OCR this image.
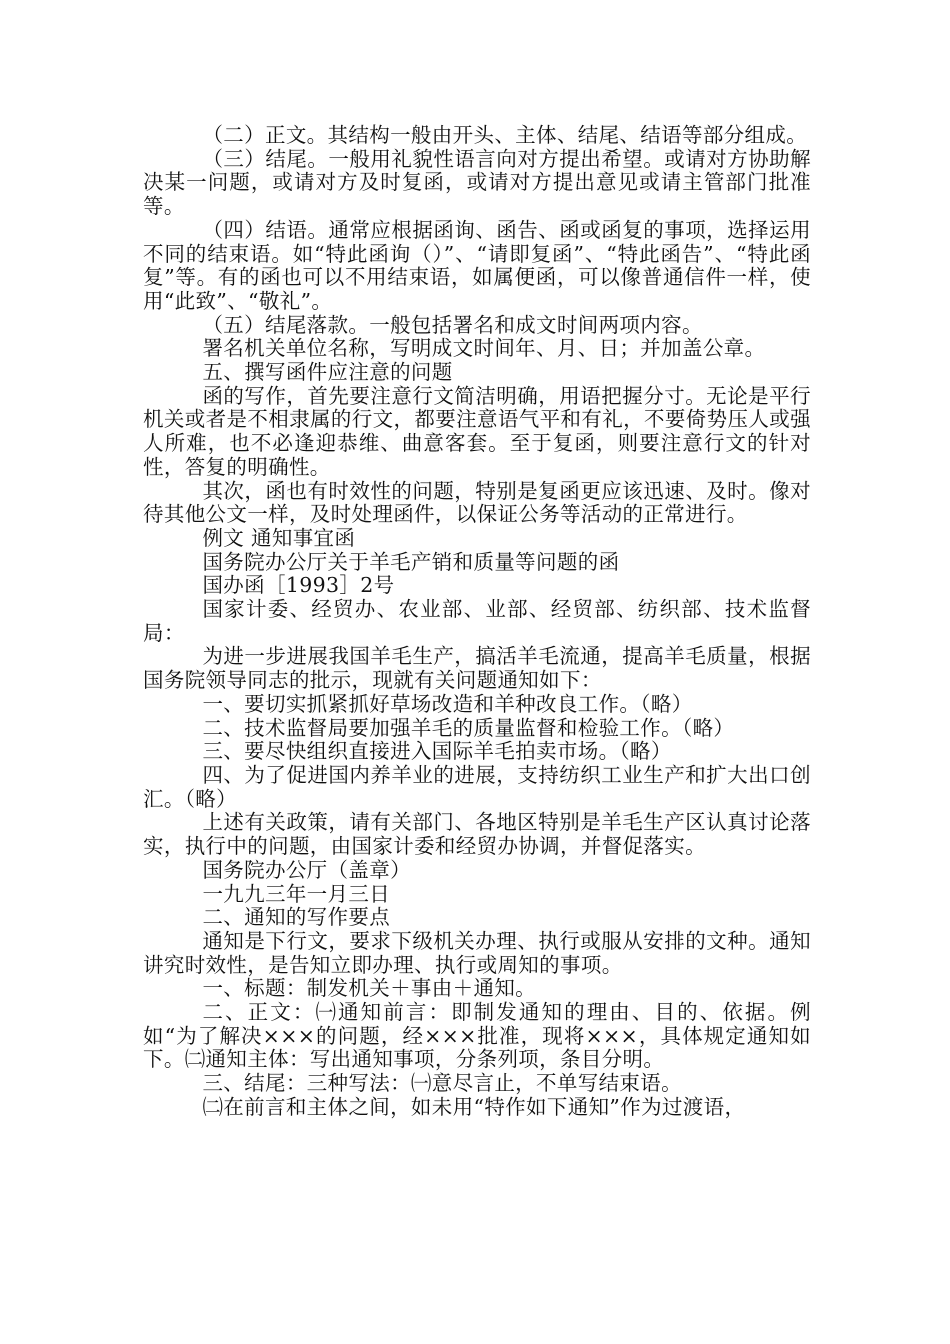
（二）正文。其结构一般由开头、主体、结尾、结语等部分组成。

（三）结尾。一般用礼貌性语言向对方提出希望。或请对方协助解决某一问题，或请对方及时复函，或请对方提出意见或请主管部门批准等。

（四）结语。通常应根据函询、函告、函或函复的事项，选择运用不同的结束语。如“特此函询（）”、“请即复函”、“特此函告”、“特此函复”等。有的函也可以不用结束语，如属便函，可以像普通信件一样，使用“此致”、“敬礼”。

（五）结尾落款。一般包括署名和成文时间两项内容。

署名机关单位名称，写明成文时间年、月、日；并加盖公章。

五、撰写函件应注意的问题

函的写作，首先要注意行文简洁明确，用语把握分寸。无论是平行机关或者是不相隶属的行文，都要注意语气平和有礼，不要倚势压人或强人所难，也不必逢迎恭维、曲意客套。至于复函，则要注意行文的针对性，答复的明确性。

其次，函也有时效性的问题，特别是复函更应该迅速、及时。像对待其他公文一样，及时处理函件，以保证公务等活动的正常进行。

例文 通知事宜函

国务院办公厅关于羊毛产销和质量等问题的函

国办函［1993］2号

国家计委、经贸办、农业部、业部、经贸部、纺织部、技术监督局：

为进一步进展我国羊毛生产，搞活羊毛流通，提高羊毛质量，根据国务院领导同志的批示，现就有关问题通知如下：

一、要切实抓紧抓好草场改造和羊种改良工作。（略）

二、技术监督局要加强羊毛的质量监督和检验工作。（略）

三、要尽快组织直接进入国际羊毛拍卖市场。（略）

四、为了促进国内养羊业的进展，支持纺织工业生产和扩大出口创汇。（略）

上述有关政策，请有关部门、各地区特别是羊毛生产区认真讨论落实，执行中的问题，由国家计委和经贸办协调，并督促落实。

国务院办公厅（盖章）

一九九三年一月三日

二、通知的写作要点

通知是下行文，要求下级机关办理、执行或服从安排的文种。通知讲究时效性，是告知立即办理、执行或周知的事项。

一、标题：制发机关＋事由＋通知。

二、正文：㈠通知前言：即制发通知的理由、目的、依据。例如“为了解决×××的问题，经×××批准，现将×××，具体规定通知如下。㈡通知主体：写出通知事项，分条列项，条目分明。

三、结尾：三种写法：㈠意尽言止，不单写结束语。

㈡在前言和主体之间，如未用“特作如下通知”作为过渡语，
